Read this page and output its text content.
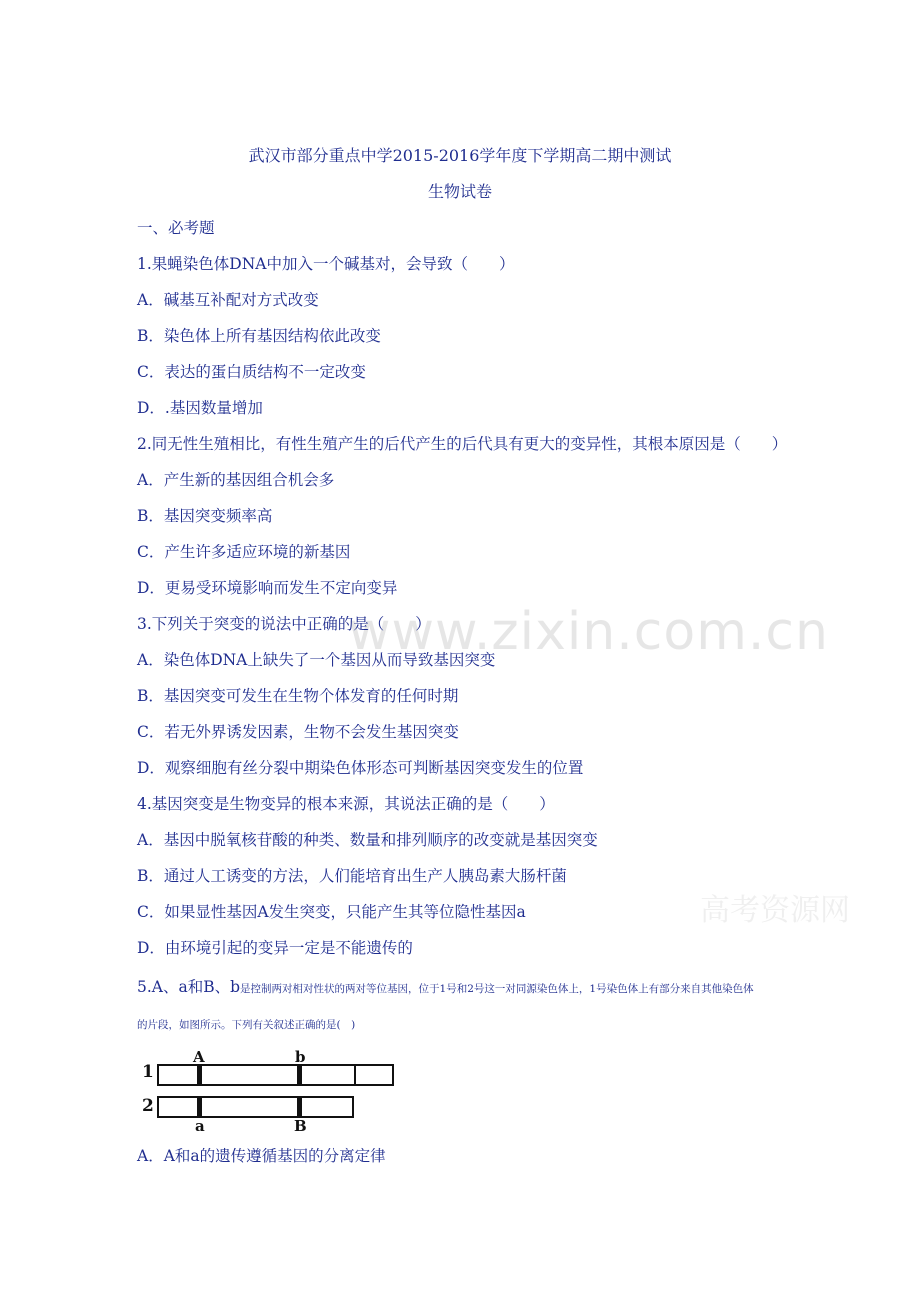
www.zixin.com.cn
高考资源网
武汉市部分重点中学2015-2016学年度下学期高二期中测试
生物试卷
一、必考题
1.果蝇染色体DNA中加入一个碱基对，会导致（　　）
A．碱基互补配对方式改变
B．染色体上所有基因结构依此改变
C．表达的蛋白质结构不一定改变
D．.基因数量增加
2.同无性生殖相比，有性生殖产生的后代产生的后代具有更大的变异性，其根本原因是（　　）
A．产生新的基因组合机会多
B．基因突变频率高
C．产生许多适应环境的新基因
D．更易受环境影响而发生不定向变异
3.下列关于突变的说法中正确的是（　　）
A．染色体DNA上缺失了一个基因从而导致基因突变
B．基因突变可发生在生物个体发育的任何时期
C．若无外界诱发因素，生物不会发生基因突变
D．观察细胞有丝分裂中期染色体形态可判断基因突变发生的位置
4.基因突变是生物变异的根本来源，其说法正确的是（　　）
A．基因中脱氧核苷酸的种类、数量和排列顺序的改变就是基因突变
B．通过人工诱变的方法，人们能培育出生产人胰岛素大肠杆菌
C．如果显性基因A发生突变，只能产生其等位隐性基因a
D．由环境引起的变异一定是不能遗传的
5.A、a和B、b是控制两对相对性状的两对等位基因，位于1号和2号这一对同源染色体上，1号染色体上有部分来自其他染色体
的片段，如图所示。下列有关叙述正确的是(　)
1
A	b
2
a	B
A．A和a的遗传遵循基因的分离定律
